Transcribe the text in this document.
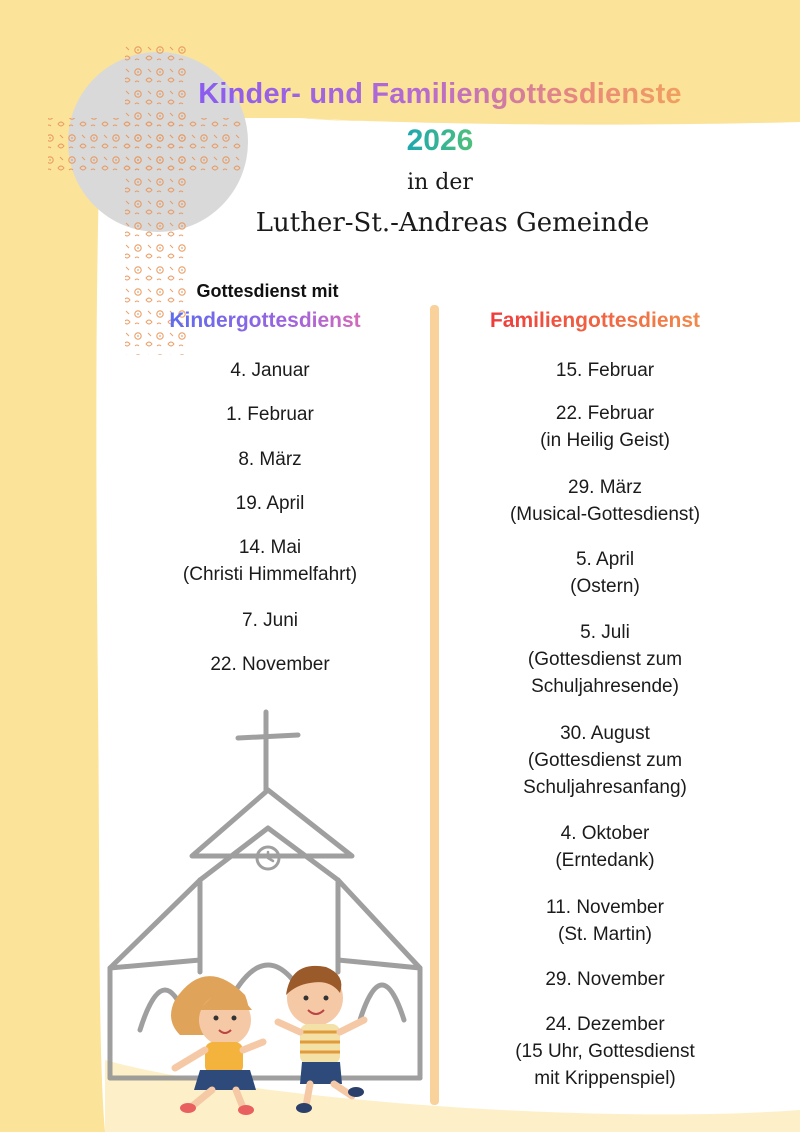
Kinder- und Familiengottesdienste
2026
in der
Luther-St.-Andreas Gemeinde
Gottesdienst mit
Kindergottesdienst	Familiengottesdienst
4. Januar
1. Februar
8. März
19. April
14. Mai
(Christi Himmelfahrt)
7. Juni
22. November
15. Februar
22. Februar
(in Heilig Geist)
29. März
(Musical-Gottesdienst)
5. April
(Ostern)
5. Juli
(Gottesdienst zum
Schuljahresende)
30. August
(Gottesdienst zum
Schuljahresanfang)
4. Oktober
(Erntedank)
11. November
(St. Martin)
29. November
24. Dezember
(15 Uhr, Gottesdienst
mit Krippenspiel)
